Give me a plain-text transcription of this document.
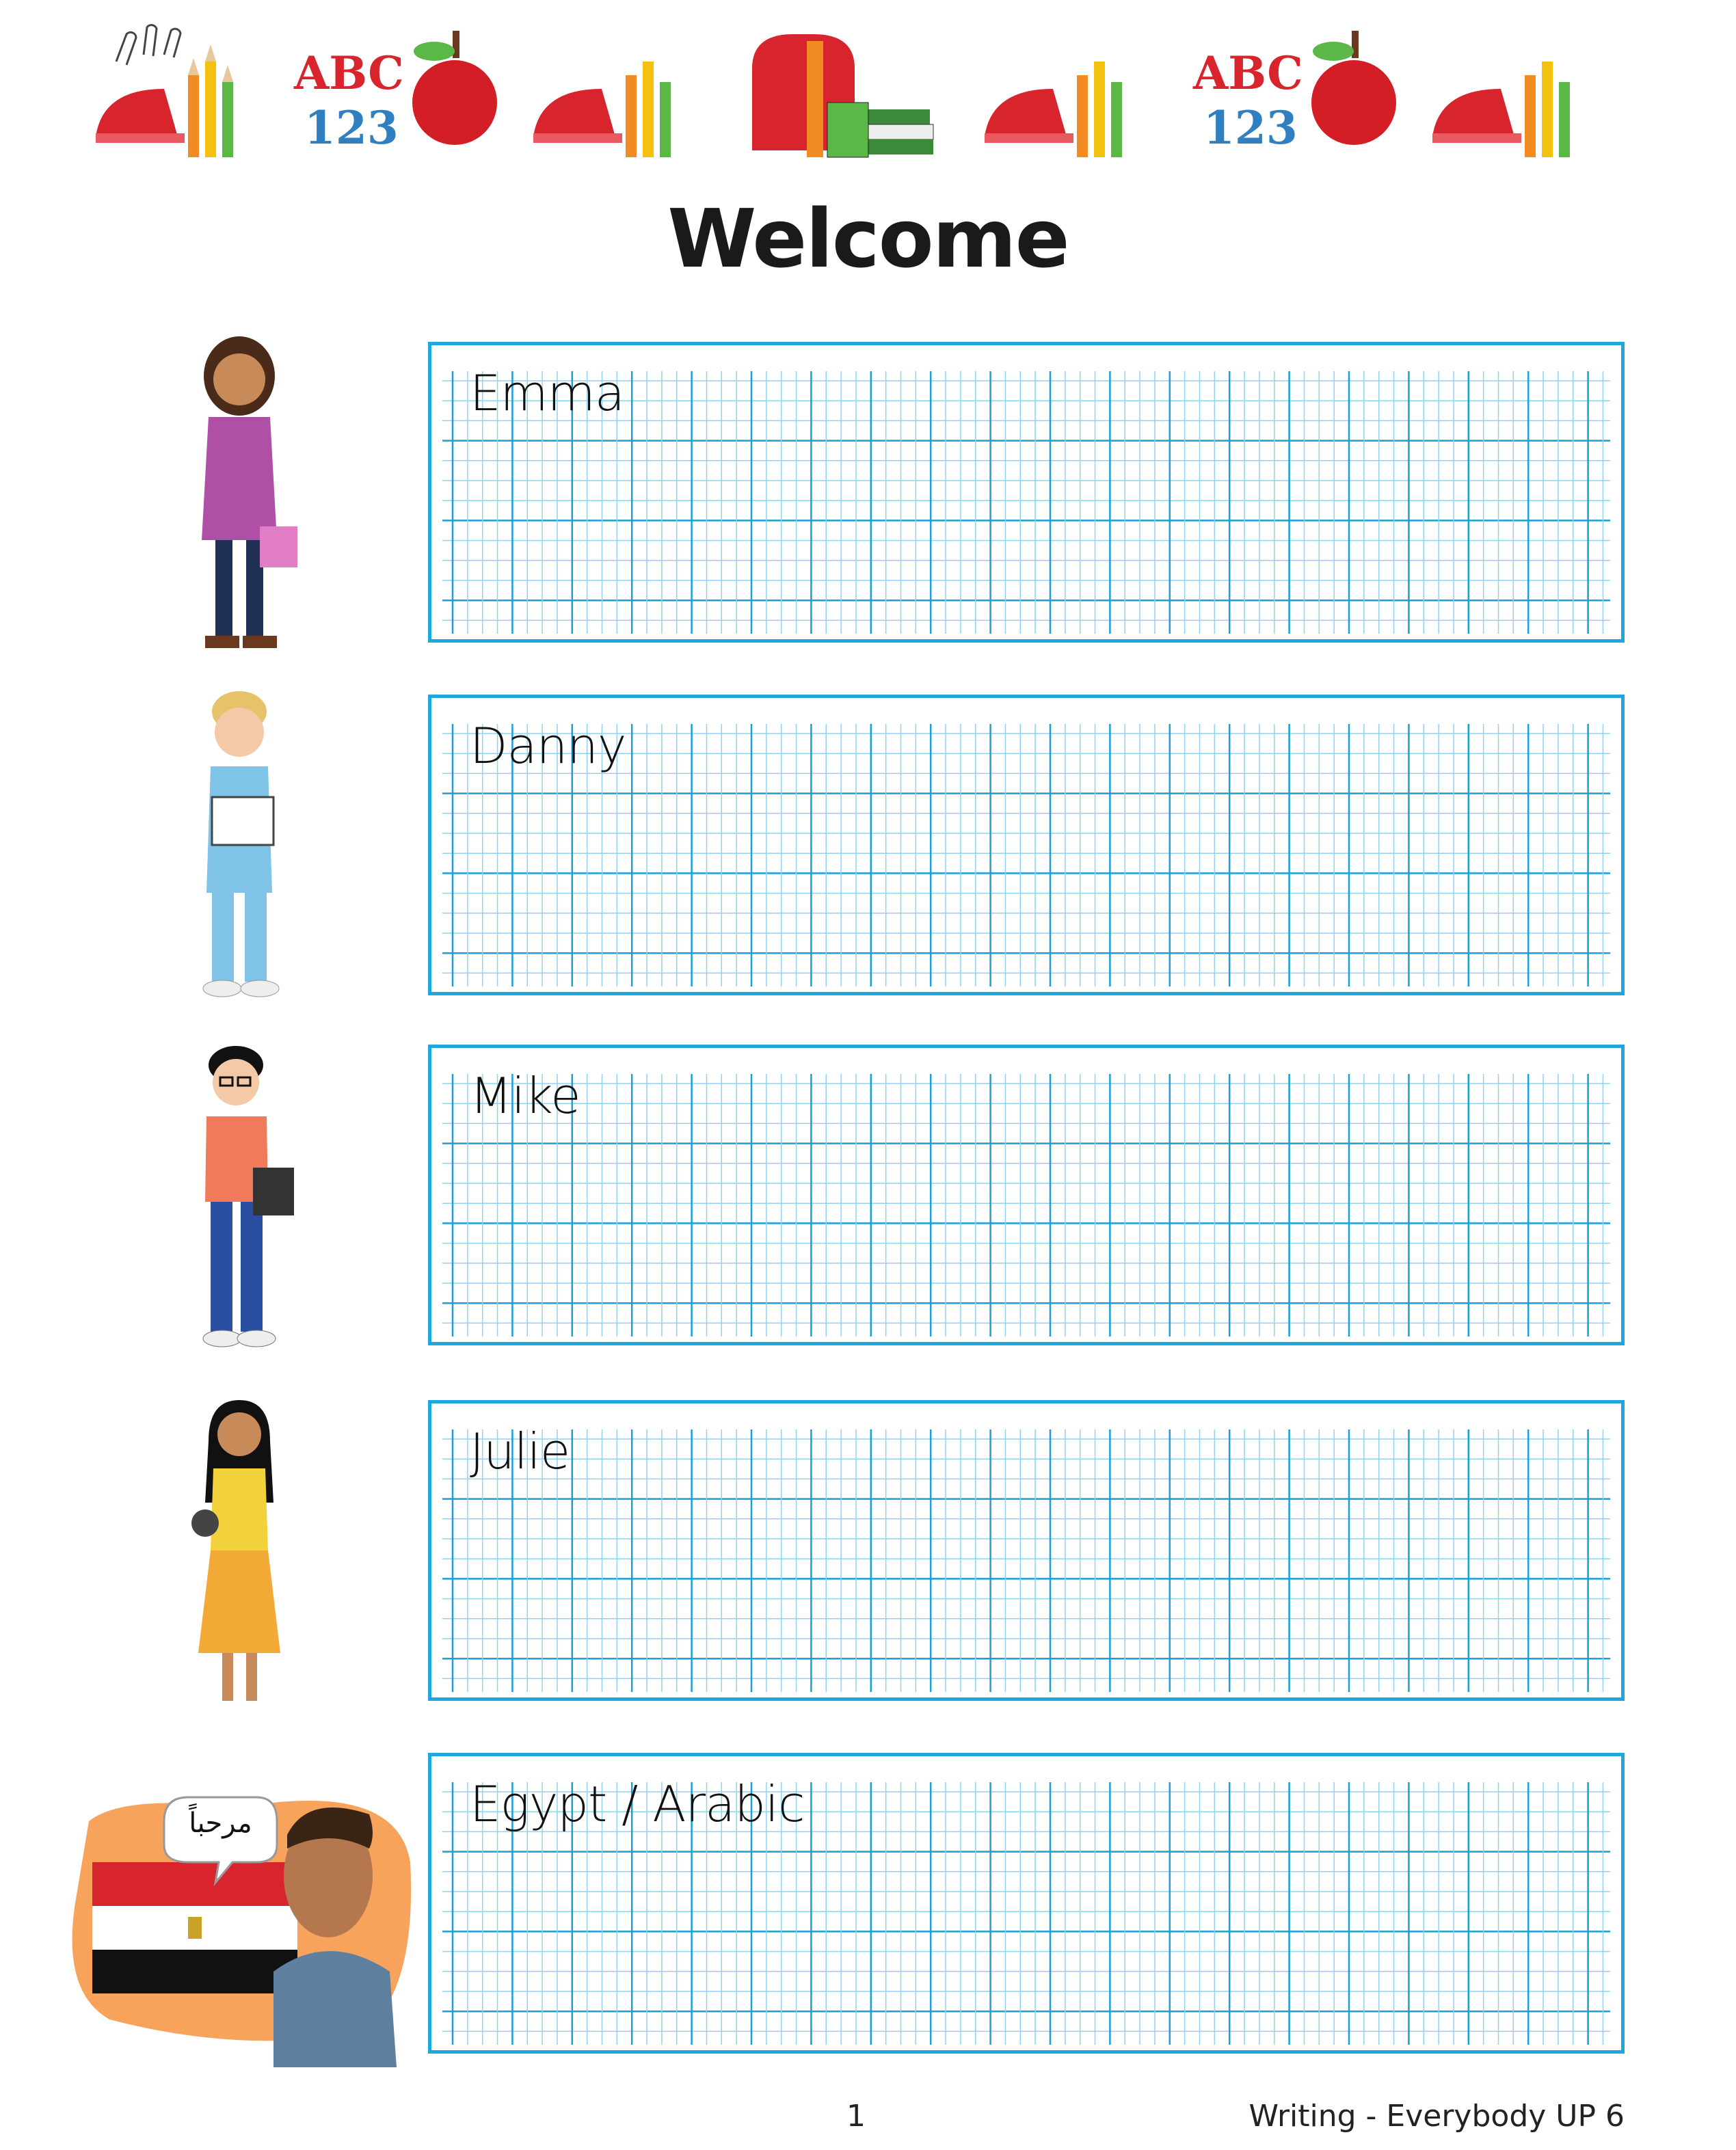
ABC
123
ABC
123
Welcome
Emma
Danny
Mike
Julie
مرحباً	Egypt / Arabic
1	Writing - Everybody UP 6
